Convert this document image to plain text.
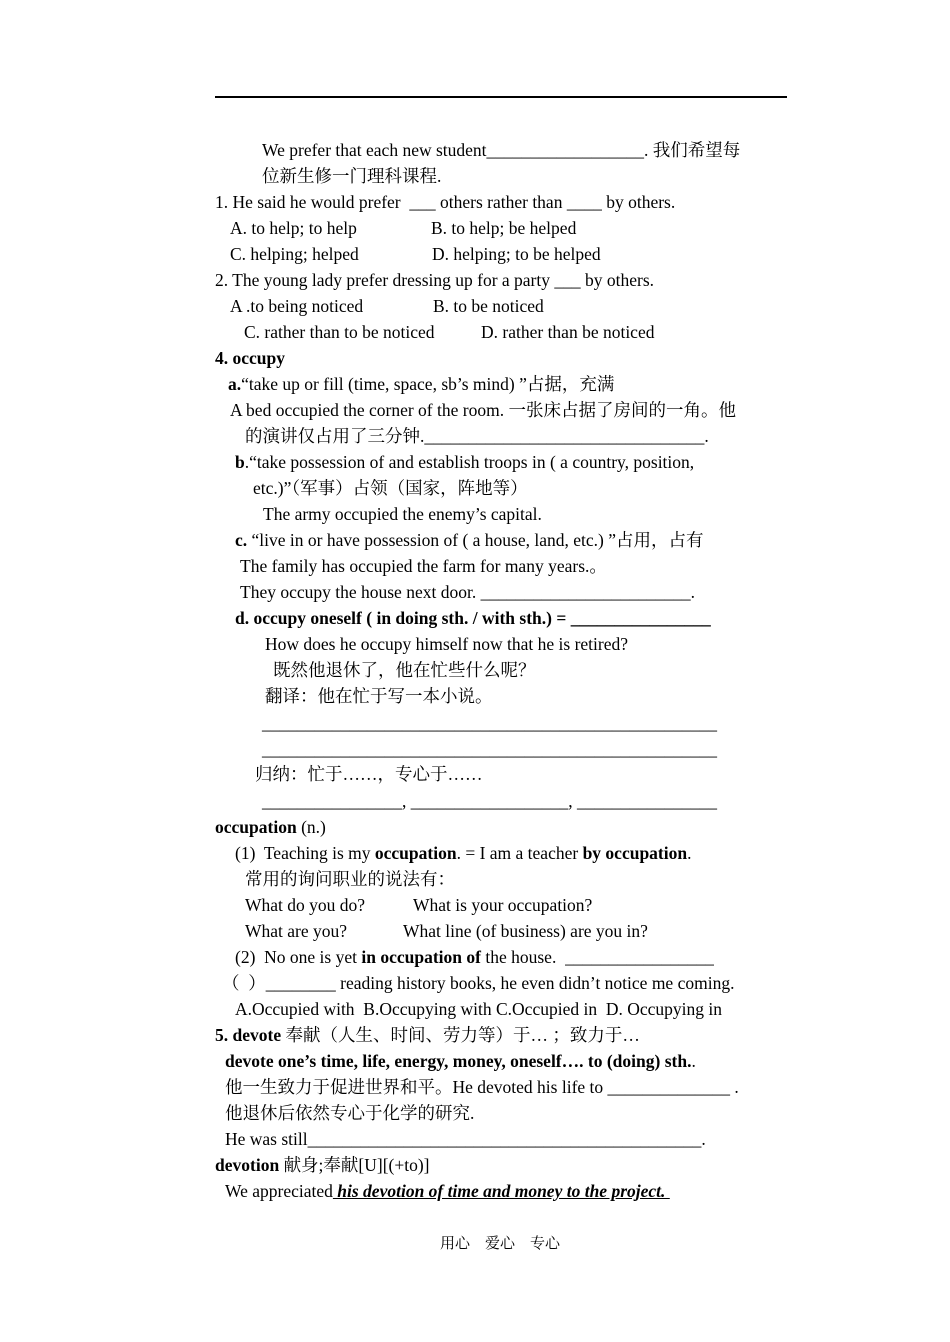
We prefer that each new student__________________. 我们希望每
位新生修一门理科课程.
1. He said he would prefer  ___ others rather than ____ by others.
A. to help; to help	B. to help; be helped
C. helping; helped	D. helping; to be helped
2. The young lady prefer dressing up for a party ___ by others.
A .to being noticed	B. to be noticed
C. rather than to be noticed	D. rather than be noticed
4. occupy
a.“take up or fill (time, space, sb’s mind) ”占据，充满
A bed occupied the corner of the room. 一张床占据了房间的一角。他
的演讲仅占用了三分钟.________________________________.
b.“take possession of and establish troops in ( a country, position,
etc.)”（军事）占领（国家，阵地等）
The army occupied the enemy’s capital.
c. “live in or have possession of ( a house, land, etc.) ”占用，占有
The family has occupied the farm for many years.。
They occupy the house next door. ________________________.
d. occupy oneself ( in doing sth. / with sth.) = ________________
How does he occupy himself now that he is retired?
既然他退休了，他在忙些什么呢？
翻译：他在忙于写一本小说。
____________________________________________________
____________________________________________________
归纳：忙于……，专心于……
________________, __________________, ________________
occupation (n.)
(1)  Teaching is my occupation. = I am a teacher by occupation.
常用的询问职业的说法有：
What do you do?	What is your occupation?
What are you?	What line (of business) are you in?
(2)  No one is yet in occupation of the house.  _________________
（  ）________ reading history books, he even didn’t notice me coming.
A.Occupied with  B.Occupying with C.Occupied in  D. Occupying in
5. devote 奉献（人生、时间、劳力等）于… ；致力于…
devote one’s time, life, energy, money, oneself…. to (doing) sth..
他一生致力于促进世界和平。He devoted his life to ______________ .
他退休后依然专心于化学的研究.
He was still_____________________________________________.
devotion 献身;奉献[U][(+to)]
We appreciated his devotion of time and money to the project.
用心    爱心    专心
